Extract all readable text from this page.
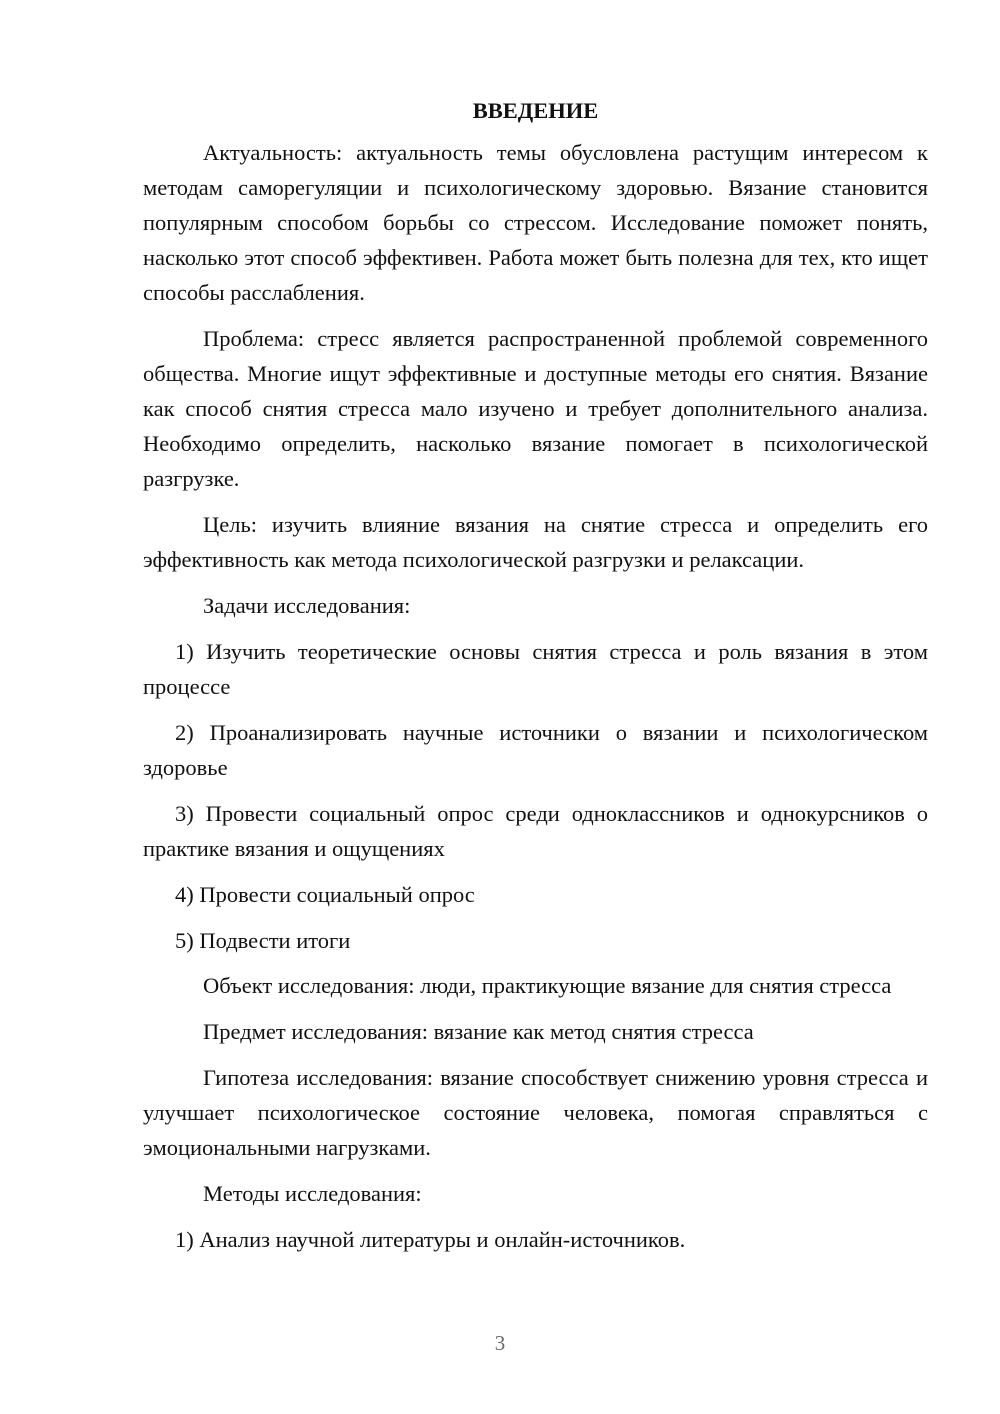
ВВЕДЕНИЕ

Актуальность: актуальность темы обусловлена растущим интересом к методам саморегуляции и психологическому здоровью. Вязание становится популярным способом борьбы со стрессом. Исследование поможет понять, насколько этот способ эффективен. Работа может быть полезна для тех, кто ищет способы расслабления.

Проблема: стресс является распространенной проблемой современного общества. Многие ищут эффективные и доступные методы его снятия. Вязание как способ снятия стресса мало изучено и требует дополнительного анализа. Необходимо определить, насколько вязание помогает в психологической разгрузке.

Цель: изучить влияние вязания на снятие стресса и определить его эффективность как метода психологической разгрузки и релаксации.

Задачи исследования:

1) Изучить теоретические основы снятия стресса и роль вязания в этом процессе

2) Проанализировать научные источники о вязании и психологическом здоровье

3) Провести социальный опрос среди одноклассников и однокурсников о практике вязания и ощущениях

4) Провести социальный опрос

5) Подвести итоги

Объект исследования: люди, практикующие вязание для снятия стресса

Предмет исследования: вязание как метод снятия стресса

Гипотеза исследования: вязание способствует снижению уровня стресса и улучшает психологическое состояние человека, помогая справляться с эмоциональными нагрузками.

Методы исследования:

1) Анализ научной литературы и онлайн-источников.

3
